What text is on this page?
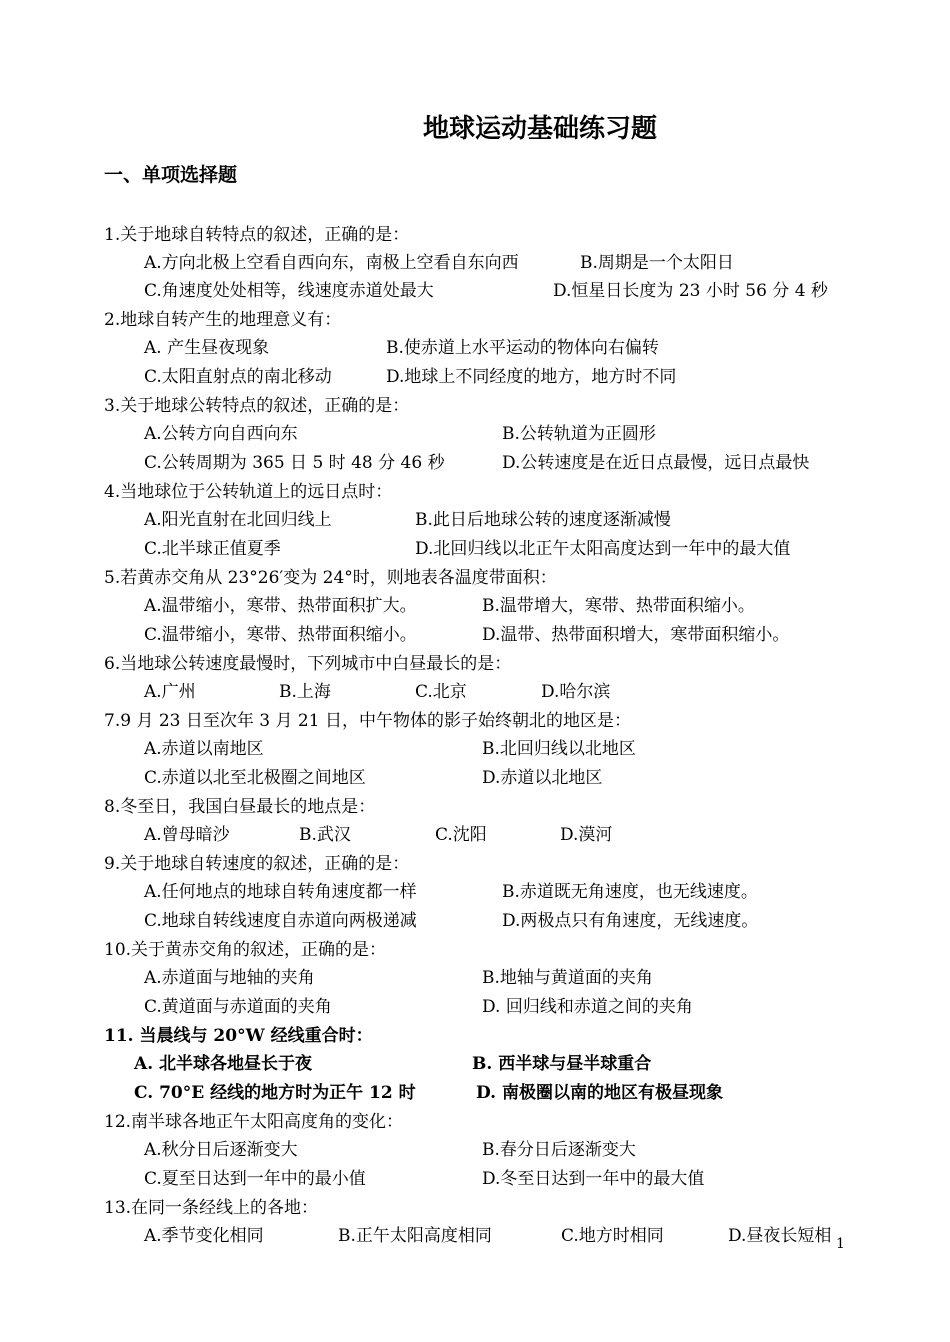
地球运动基础练习题
一、单项选择题
1.关于地球自转特点的叙述，正确的是：
A.方向北极上空看自西向东，南极上空看自东向西	B.周期是一个太阳日
C.角速度处处相等，线速度赤道处最大	D.恒星日长度为 23 小时 56 分 4 秒
2.地球自转产生的地理意义有：
A. 产生昼夜现象	B.使赤道上水平运动的物体向右偏转
C.太阳直射点的南北移动	D.地球上不同经度的地方，地方时不同
3.关于地球公转特点的叙述，正确的是：
A.公转方向自西向东	B.公转轨道为正圆形
C.公转周期为 365 日 5 时 48 分 46 秒	D.公转速度是在近日点最慢，远日点最快
4.当地球位于公转轨道上的远日点时：
A.阳光直射在北回归线上	B.此日后地球公转的速度逐渐减慢
C.北半球正值夏季	D.北回归线以北正午太阳高度达到一年中的最大值
5.若黄赤交角从 23°26′变为 24°时，则地表各温度带面积：
A.温带缩小，寒带、热带面积扩大。	B.温带增大，寒带、热带面积缩小。
C.温带缩小，寒带、热带面积缩小。	D.温带、热带面积增大，寒带面积缩小。
6.当地球公转速度最慢时，下列城市中白昼最长的是：
A.广州	B.上海	C.北京	D.哈尔滨
7.9 月 23 日至次年 3 月 21 日，中午物体的影子始终朝北的地区是：
A.赤道以南地区	B.北回归线以北地区
C.赤道以北至北极圈之间地区	D.赤道以北地区
8.冬至日，我国白昼最长的地点是：
A.曾母暗沙	B.武汉	C.沈阳	D.漠河
9.关于地球自转速度的叙述，正确的是：
A.任何地点的地球自转角速度都一样	B.赤道既无角速度，也无线速度。
C.地球自转线速度自赤道向两极递减	D.两极点只有角速度，无线速度。
10.关于黄赤交角的叙述，正确的是：
A.赤道面与地轴的夹角	B.地轴与黄道面的夹角
C.黄道面与赤道面的夹角	D. 回归线和赤道之间的夹角
11. 当晨线与 20°W 经线重合时：
A. 北半球各地昼长于夜	B. 西半球与昼半球重合
C. 70°E 经线的地方时为正午 12 时	D. 南极圈以南的地区有极昼现象
12.南半球各地正午太阳高度角的变化：
A.秋分日后逐渐变大	B.春分日后逐渐变大
C.夏至日达到一年中的最小值	D.冬至日达到一年中的最大值
13.在同一条经线上的各地：
A.季节变化相同	B.正午太阳高度相同	C.地方时相同	D.昼夜长短相 1
